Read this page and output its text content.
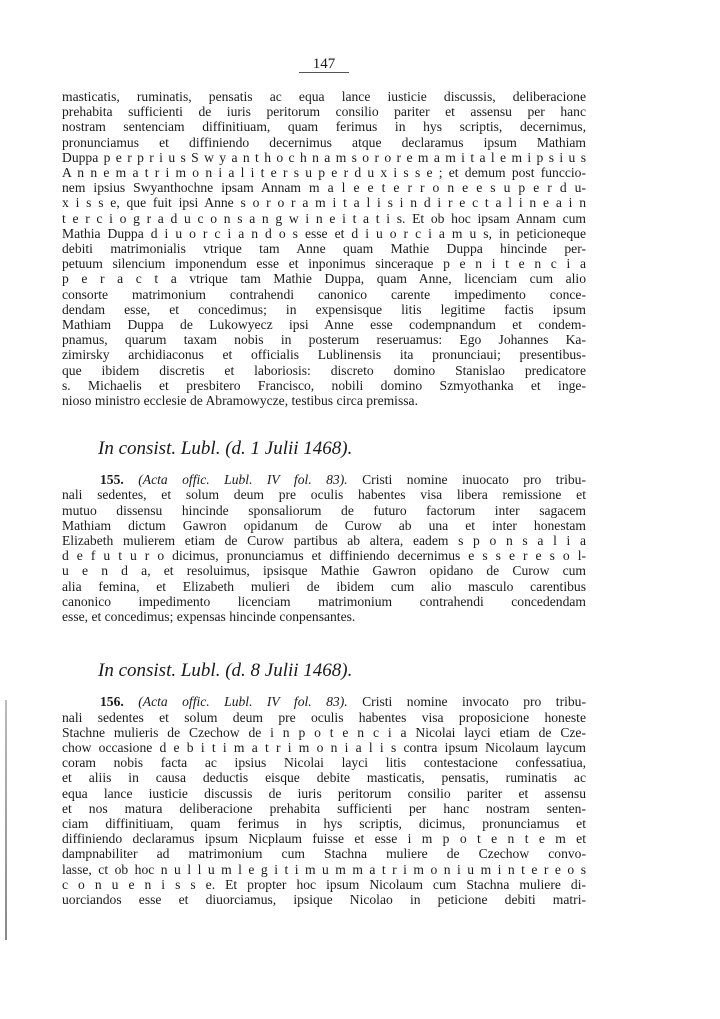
147

masticatis, ruminatis, pensatis ac equa lance iusticie discussis, deliberacione
prehabita sufficienti de iuris peritorum consilio pariter et assensu per hanc
nostram sentenciam diffinitiuam, quam ferimus in hys scriptis, decernimus,
pronunciamus et diffiniendo decernimus atque declaramus ipsum Mathiam
Duppa p e r p r i u s S w y a n t h o c h n a m s o r o r e m a m i t a l e m i p s i u s
A n n e m a t r i m o n i a l i t e r s u p e r d u x i s s e ; et demum post funccio-
nem ipsius Swyanthochne ipsam Annam m a l e e t e r r o n e e s u p e r d u-
x i s s e, que fuit ipsi Anne s o r o r a m i t a l i s i n d i r e c t a l i n e a i n
t e r c i o g r a d u c o n s a n g w i n e i t a t i s. Et ob hoc ipsam Annam cum
Mathia Duppa d i u o r c i a n d o s esse et d i u o r c i a m u s, in peticioneque
debiti matrimonialis vtrique tam Anne quam Mathie Duppa hincinde per-
petuum silencium imponendum esse et inponimus sinceraque p e n i t e n c i a
p e r a c t a vtrique tam Mathie Duppa, quam Anne, licenciam cum alio
consorte matrimonium contrahendi canonico carente impedimento conce-
dendam esse, et concedimus; in expensisque litis legitime factis ipsum
Mathiam Duppa de Lukowyecz ipsi Anne esse codempnandum et condem-
pnamus, quarum taxam nobis in posterum reseruamus: Ego Johannes Ka-
zimirsky archidiaconus et officialis Lublinensis ita pronunciaui; presentibus-
que ibidem discretis et laboriosis: discreto domino Stanislao predicatore
s. Michaelis et presbitero Francisco, nobili domino Szmyothanka et inge-
nioso ministro ecclesie de Abramowycze, testibus circa premissa.

In consist. Lubl. (d. 1 Julii 1468).

155. (Acta offic. Lubl. IV fol. 83). Cristi nomine inuocato pro tribu-
nali sedentes, et solum deum pre oculis habentes visa libera remissione et
mutuo dissensu hincinde sponsaliorum de futuro factorum inter sagacem
Mathiam dictum Gawron opidanum de Curow ab una et inter honestam
Elizabeth mulierem etiam de Curow partibus ab altera, eadem s p o n s a l i a
d e f u t u r o dicimus, pronunciamus et diffiniendo decernimus e s s e r e s o l-
u e n d a, et resoluimus, ipsisque Mathie Gawron opidano de Curow cum
alia femina, et Elizabeth mulieri de ibidem cum alio masculo carentibus
canonico impedimento licenciam matrimonium contrahendi concedendam
esse, et concedimus; expensas hincinde conpensantes.

In consist. Lubl. (d. 8 Julii 1468).

156. (Acta offic. Lubl. IV fol. 83). Cristi nomine invocato pro tribu-
nali sedentes et solum deum pre oculis habentes visa proposicione honeste
Stachne mulieris de Czechow de i n p o t e n c i a Nicolai layci etiam de Cze-
chow occasione d e b i t i m a t r i m o n i a l i s contra ipsum Nicolaum laycum
coram nobis facta ac ipsius Nicolai layci litis contestacione confessatiua,
et aliis in causa deductis eisque debite masticatis, pensatis, ruminatis ac
equa lance iusticie discussis de iuris peritorum consilio pariter et assensu
et nos matura deliberacione prehabita sufficienti per hanc nostram senten-
ciam diffinitiuam, quam ferimus in hys scriptis, dicimus, pronunciamus et
diffiniendo declaramus ipsum Nicplaum fuisse et esse i m p o t e n t e m et
dampnabiliter ad matrimonium cum Stachna muliere de Czechow convo-
lasse, ct ob hoc n u l l u m l e g i t i m u m m a t r i m o n i u m i n t e r e o s
c o n u e n i s s e. Et propter hoc ipsum Nicolaum cum Stachna muliere di-
uorciandos esse et diuorciamus, ipsique Nicolao in peticione debiti matri-
